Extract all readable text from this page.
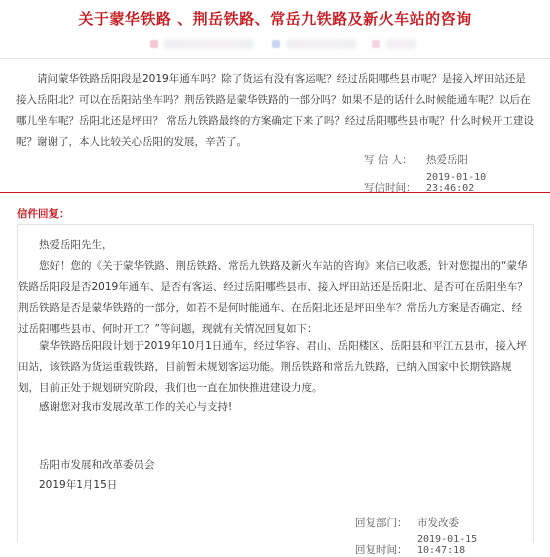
关于蒙华铁路 、荆岳铁路、常岳九铁路及新火车站的咨询

请问蒙华铁路岳阳段是2019年通车吗？除了货运有没有客运呢？经过岳阳哪些县市呢？是接入坪田站还是接入岳阳北？可以在岳阳站坐车吗？荆岳铁路是蒙华铁路的一部分吗？如果不是的话什么时候能通车呢？以后在哪儿坐车呢？岳阳北还是坪田？ 常岳九铁路最终的方案确定下来了吗？经过岳阳哪些县市呢？什么时候开工建设呢？谢谢了，本人比较关心岳阳的发展，辛苦了。

写 信 人： 热爱岳阳
写信时间：2019-01-10 23:46:02
信件回复：

热爱岳阳先生，

您好！您的《关于蒙华铁路、荆岳铁路、常岳九铁路及新火车站的咨询》来信已收悉，针对您提出的“蒙华铁路岳阳段是否2019年通车、是否有客运、经过岳阳哪些县市、接入坪田站还是岳阳北、是否可在岳阳坐车？荆岳铁路是否是蒙华铁路的一部分，如若不是何时能通车、在岳阳北还是坪田坐车？常岳九方案是否确定、经过岳阳哪些县市、何时开工？”等问题，现就有关情况回复如下：

蒙华铁路岳阳段计划于2019年10月1日通车，经过华容、君山、岳阳楼区、岳阳县和平江五县市，接入坪田站，该铁路为货运重载铁路，目前暂未规划客运功能。荆岳铁路和常岳九铁路，已纳入国家中长期铁路规划，目前正处于规划研究阶段，我们也一直在加快推进建设力度。

感谢您对我市发展改革工作的关心与支持!

岳阳市发展和改革委员会

2019年1月15日

回复部门： 市发改委
回复时间：2019-01-15 10:47:18
